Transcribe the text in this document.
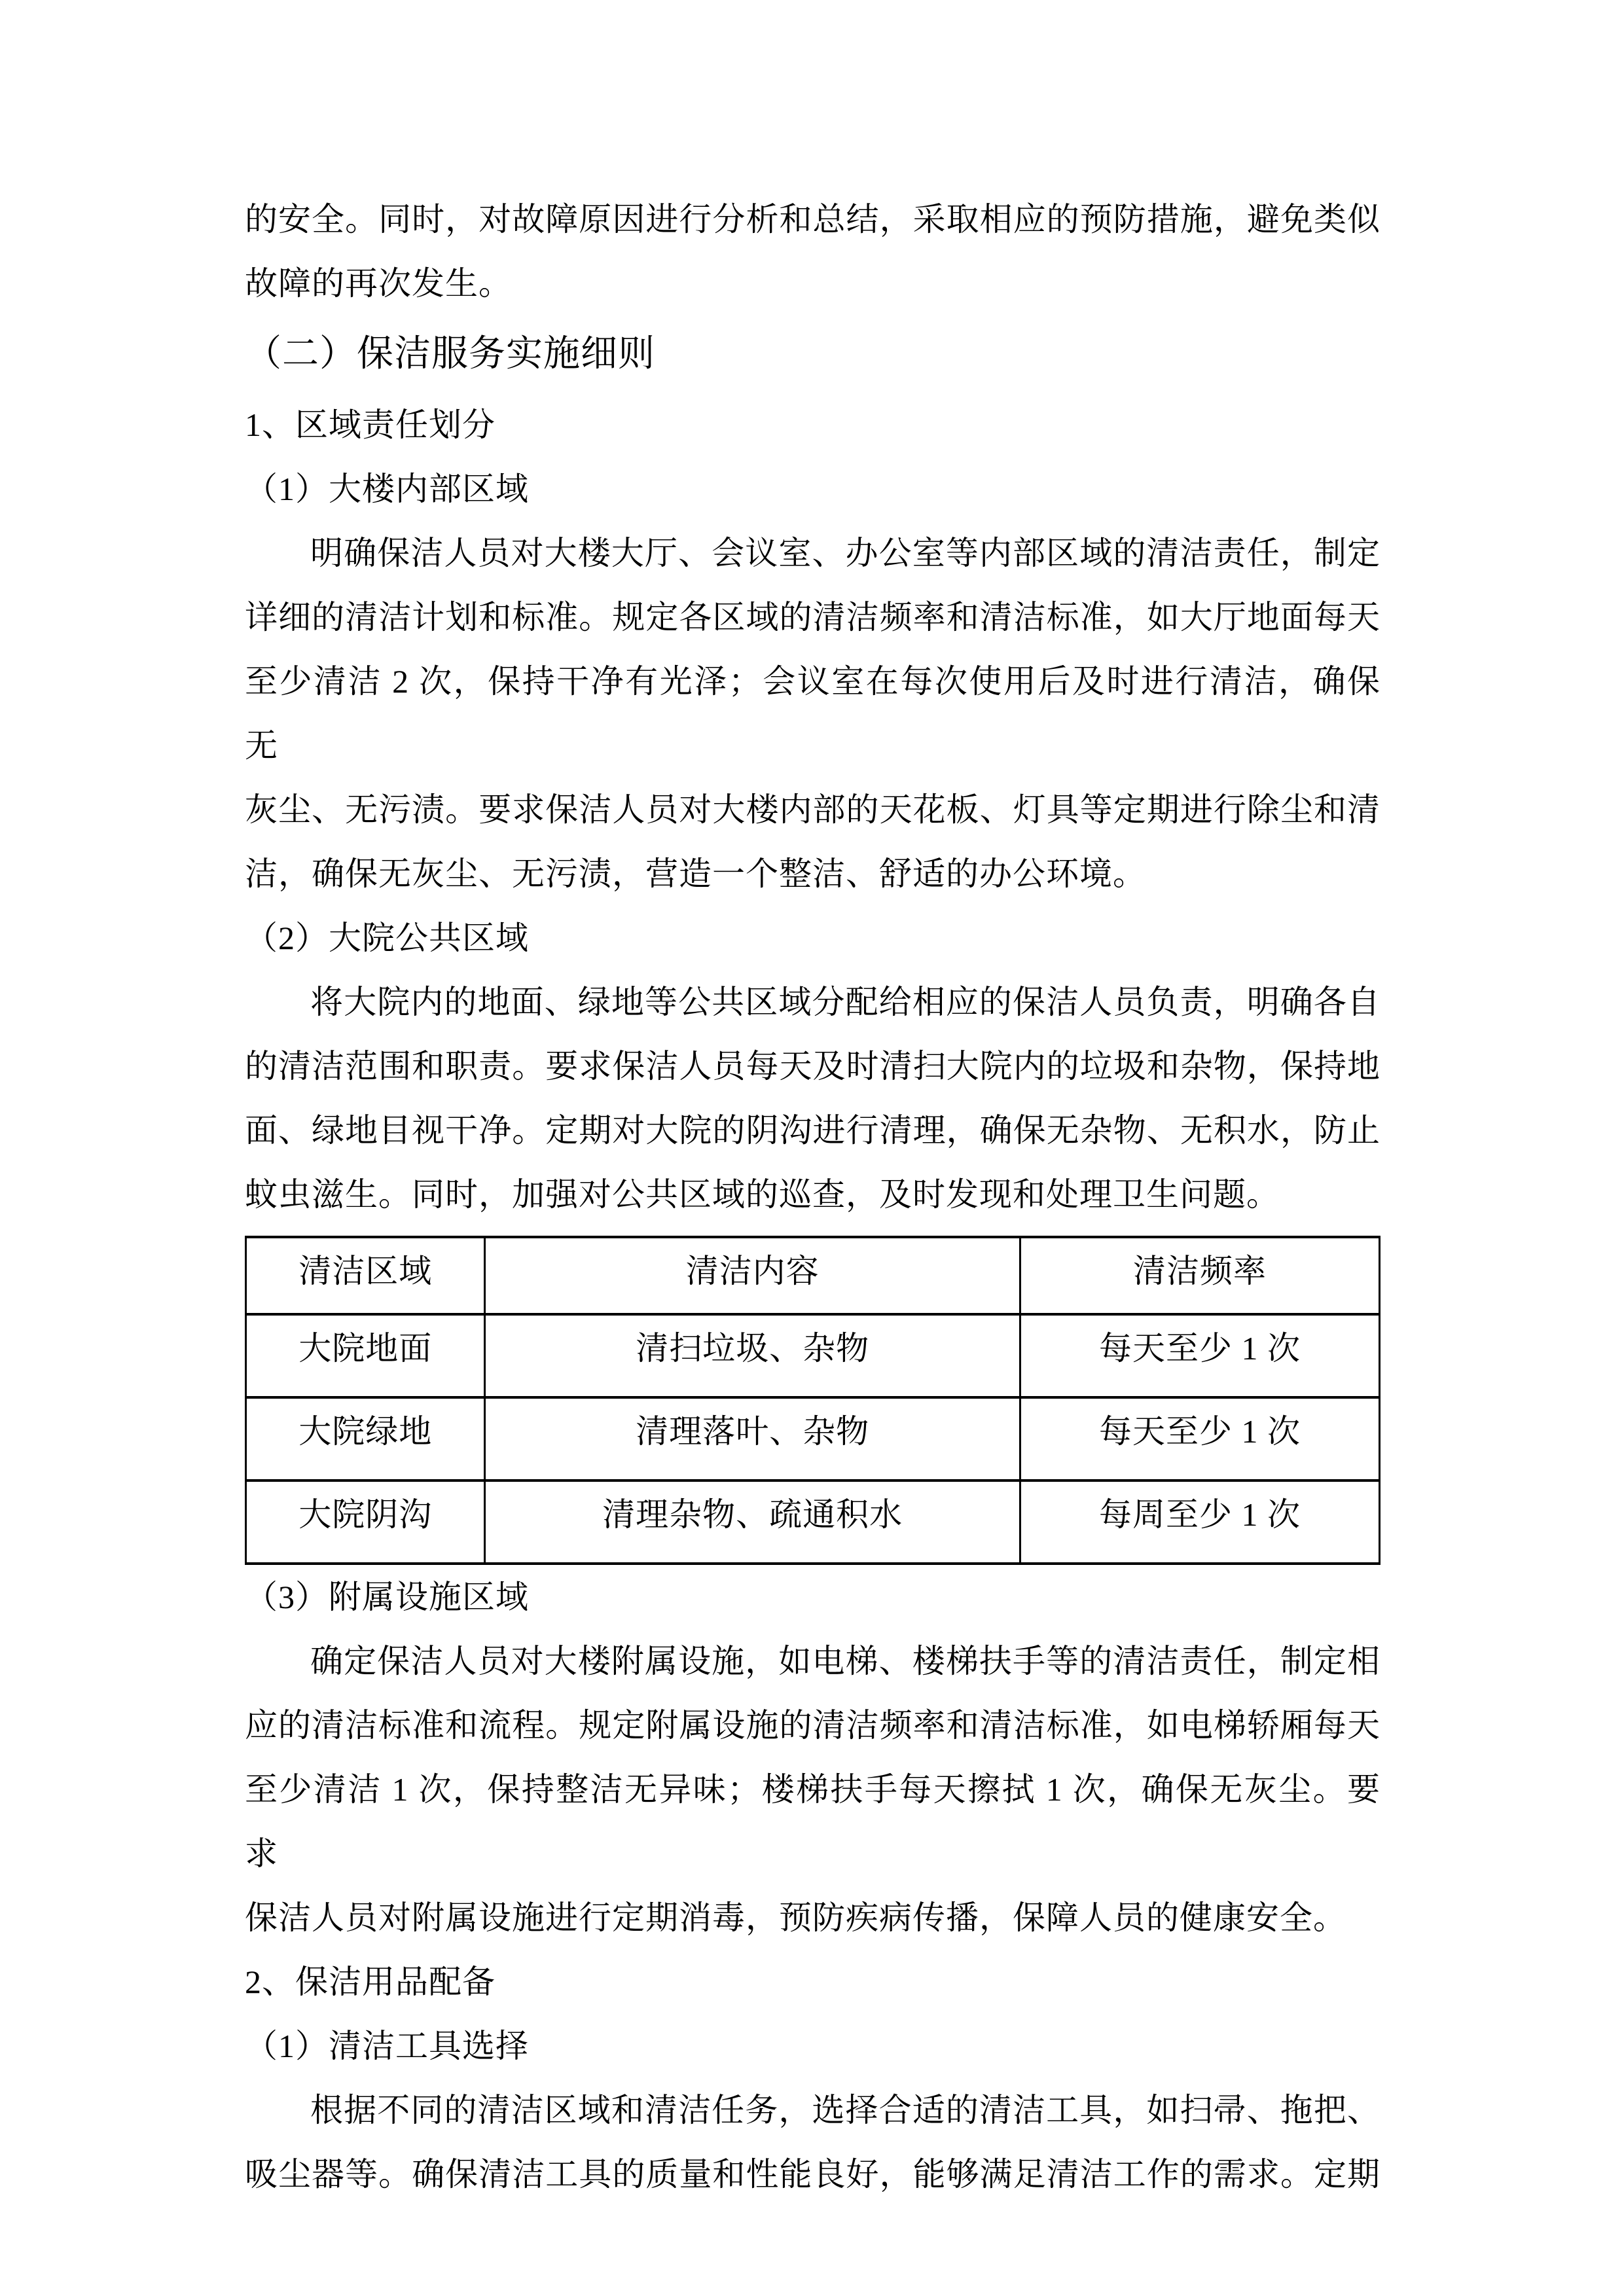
的安全。同时，对故障原因进行分析和总结，采取相应的预防措施，避免类似
故障的再次发生。
（二）保洁服务实施细则
1、区域责任划分
（1）大楼内部区域
明确保洁人员对大楼大厅、会议室、办公室等内部区域的清洁责任，制定
详细的清洁计划和标准。规定各区域的清洁频率和清洁标准，如大厅地面每天
至少清洁 2 次，保持干净有光泽；会议室在每次使用后及时进行清洁，确保无
灰尘、无污渍。要求保洁人员对大楼内部的天花板、灯具等定期进行除尘和清
洁，确保无灰尘、无污渍，营造一个整洁、舒适的办公环境。
（2）大院公共区域
将大院内的地面、绿地等公共区域分配给相应的保洁人员负责，明确各自
的清洁范围和职责。要求保洁人员每天及时清扫大院内的垃圾和杂物，保持地
面、绿地目视干净。定期对大院的阴沟进行清理，确保无杂物、无积水，防止
蚊虫滋生。同时，加强对公共区域的巡查，及时发现和处理卫生问题。
清洁区域	清洁内容	清洁频率
大院地面	清扫垃圾、杂物	每天至少 1 次
大院绿地	清理落叶、杂物	每天至少 1 次
大院阴沟	清理杂物、疏通积水	每周至少 1 次
（3）附属设施区域
确定保洁人员对大楼附属设施，如电梯、楼梯扶手等的清洁责任，制定相
应的清洁标准和流程。规定附属设施的清洁频率和清洁标准，如电梯轿厢每天
至少清洁 1 次，保持整洁无异味；楼梯扶手每天擦拭 1 次，确保无灰尘。要求
保洁人员对附属设施进行定期消毒，预防疾病传播，保障人员的健康安全。
2、保洁用品配备
（1）清洁工具选择
根据不同的清洁区域和清洁任务，选择合适的清洁工具，如扫帚、拖把、
吸尘器等。确保清洁工具的质量和性能良好，能够满足清洁工作的需求。定期
